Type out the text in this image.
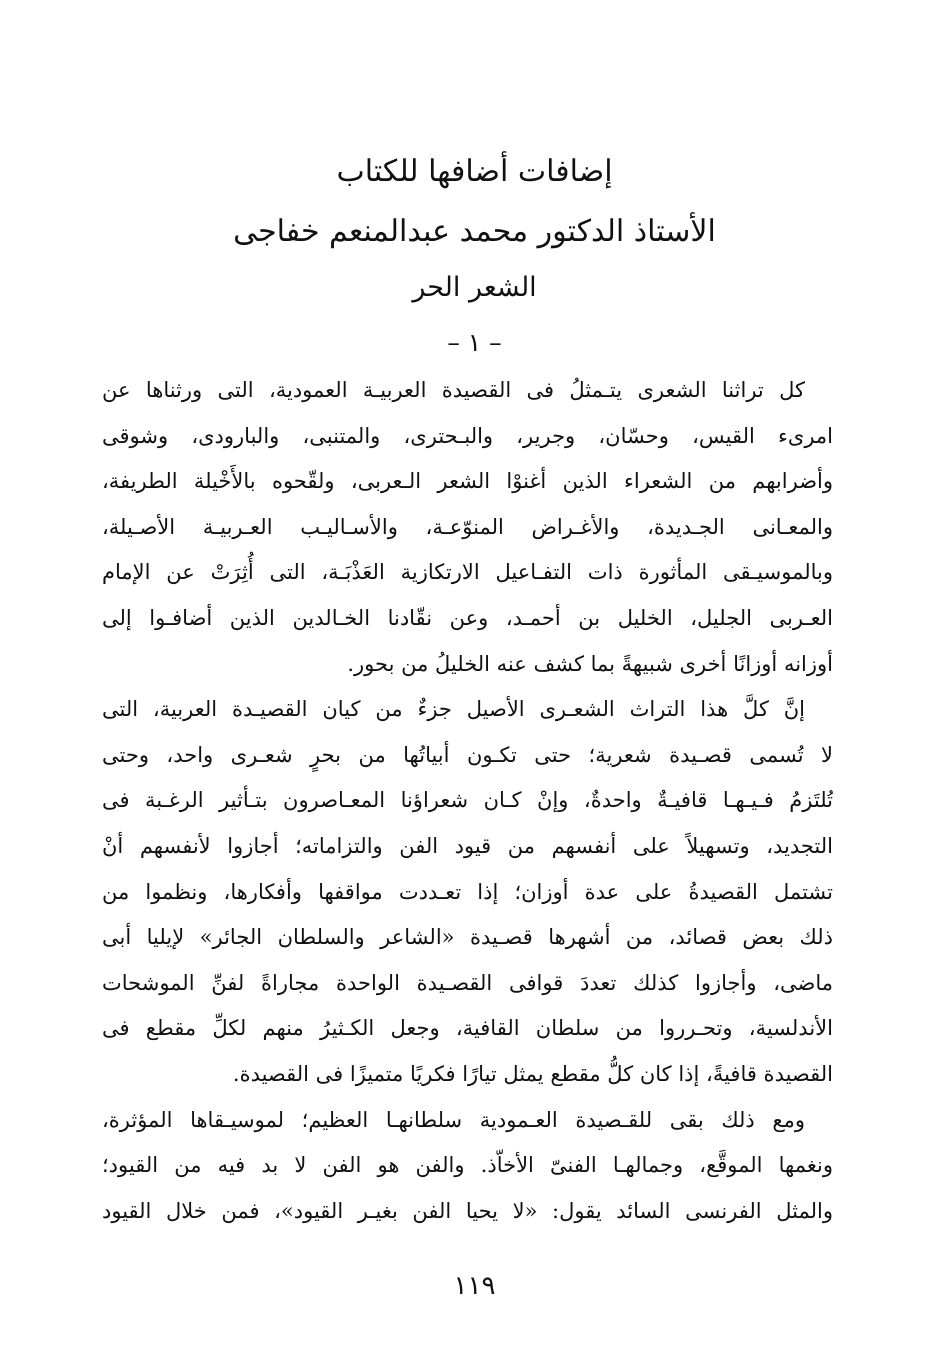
إضافات أضافها للكتاب
الأستاذ الدكتور محمد عبدالمنعم خفاجى
الشعر الحر
– ١ –
كل تراثنا الشعرى يتـمثلُ فى القصيدة العربيـة العمودية، التى ورثناها عن
امرىء القيس، وحسّان، وجرير، والبـحترى، والمتنبى، والبارودى، وشوقى
وأضرابهم من الشعراء الذين أغنوْا الشعر الـعربى، ولقّحوه بالأَخْيلة الطريفة،
والمعـانى الجـديدة، والأغـراض المنوّعـة، والأسـاليـب العـربيـة الأصـيلة،
وبالموسيـقى المأثورة ذات التفـاعيل الارتكازية العَذْبَـة، التى أُثِرَتْ عن الإمام
العـربى الجليل، الخليل بن أحمـد، وعن نقّادنا الخـالدين الذين أضافـوا إلى
أوزانه أوزانًا أخرى شبيهةً بما كشف عنه الخليلُ من بحور.
إنَّ كلَّ هذا التراث الشعـرى الأصيل جزءٌ من كيان القصيـدة العربية، التى
لا تُسمى قصـيدة شعرية؛ حتى تكـون أبياتُها من بحرٍ شعـرى واحد، وحتى
تُلتَزمُ فـيـهـا قافيـةٌ واحدةٌ، وإنْ كـان شعراؤنا المعـاصرون بتـأثير الرغـبة فى
التجديد، وتسهيلاً على أنفسهم من قيود الفن والتزاماته؛ أجازوا لأنفسهم أنْ
تشتمل القصيدةُ على عدة أوزان؛ إذا تعـددت مواقفها وأفكارها، ونظموا من
ذلك بعض قصائد، من أشهرها قصـيدة «الشاعر والسلطان الجائر» لإيليا أبى
ماضى، وأجازوا كذلك تعددَ قوافى القصـيدة الواحدة مجاراةً لفنِّ الموشحات
الأندلسية، وتحـرروا من سلطان القافية، وجعل الكـثيرُ منهم لكلِّ مقطع فى
القصيدة قافيةً، إذا كان كلُّ مقطع يمثل تيارًا فكريًا متميزًا فى القصيدة.
ومع ذلك بقى للقـصيدة العـمودية سلطانهـا العظيم؛ لموسيـقاها المؤثرة،
ونغمها الموقَّع، وجمالهـا الفنىّ الأخاّذ. والفن هو الفن لا بد فيه من القيود؛
والمثل الفرنسى السائد يقول: «لا يحيا الفن بغيـر القيود»، فمن خلال القيود
١١٩
